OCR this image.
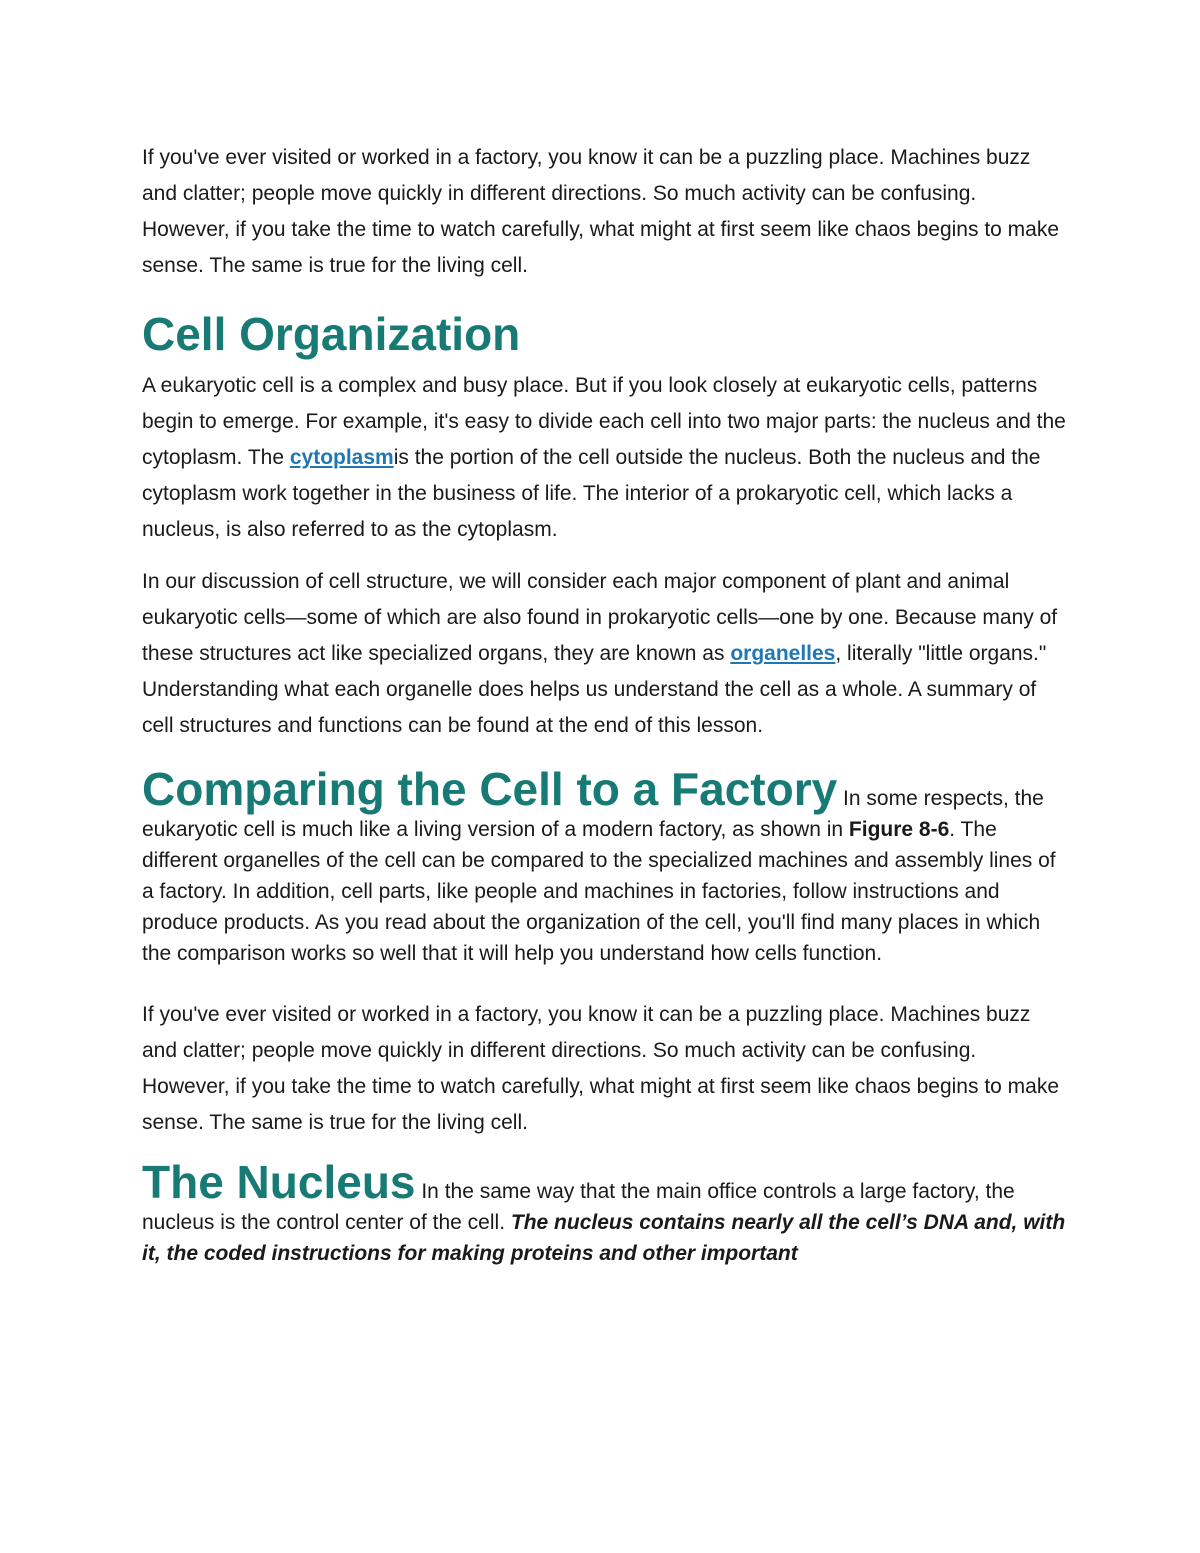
If you've ever visited or worked in a factory, you know it can be a puzzling place. Machines buzz and clatter; people move quickly in different directions. So much activity can be confusing. However, if you take the time to watch carefully, what might at first seem like chaos begins to make sense. The same is true for the living cell.

Cell Organization

A eukaryotic cell is a complex and busy place. But if you look closely at eukaryotic cells, patterns begin to emerge. For example, it's easy to divide each cell into two major parts: the nucleus and the cytoplasm. The cytoplasmis the portion of the cell outside the nucleus. Both the nucleus and the cytoplasm work together in the business of life. The interior of a prokaryotic cell, which lacks a nucleus, is also referred to as the cytoplasm.

In our discussion of cell structure, we will consider each major component of plant and animal eukaryotic cells—some of which are also found in prokaryotic cells—one by one. Because many of these structures act like specialized organs, they are known as organelles, literally "little organs." Understanding what each organelle does helps us understand the cell as a whole. A summary of cell structures and functions can be found at the end of this lesson.

Comparing the Cell to a Factory In some respects, the eukaryotic cell is much like a living version of a modern factory, as shown in Figure 8-6. The different organelles of the cell can be compared to the specialized machines and assembly lines of a factory. In addition, cell parts, like people and machines in factories, follow instructions and produce products. As you read about the organization of the cell, you'll find many places in which the comparison works so well that it will help you understand how cells function.

If you've ever visited or worked in a factory, you know it can be a puzzling place. Machines buzz and clatter; people move quickly in different directions. So much activity can be confusing. However, if you take the time to watch carefully, what might at first seem like chaos begins to make sense. The same is true for the living cell.

The Nucleus In the same way that the main office controls a large factory, the nucleus is the control center of the cell. The nucleus contains nearly all the cell’s DNA and, with it, the coded instructions for making proteins and other important
